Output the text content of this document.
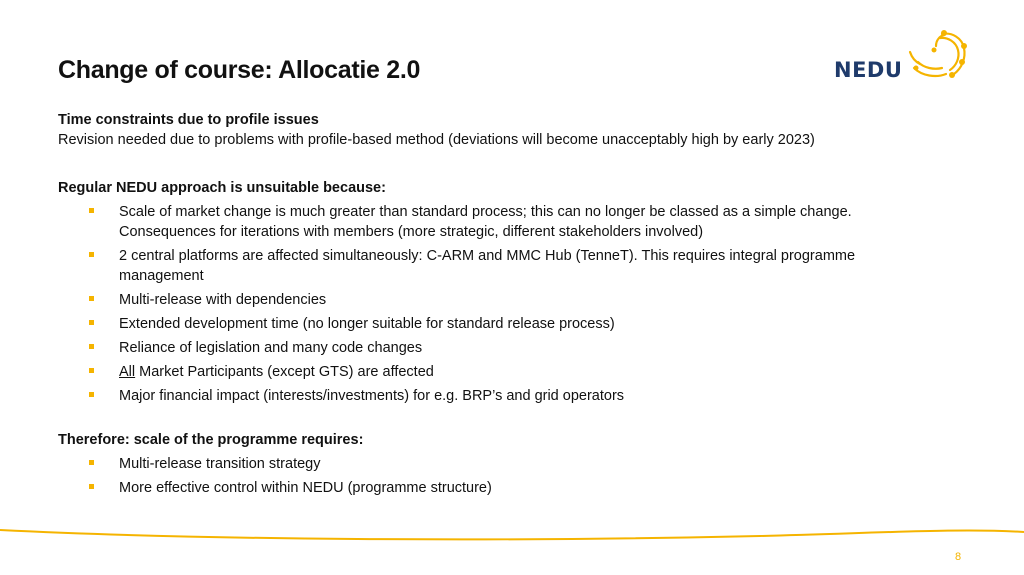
Change of course: Allocatie 2.0	NEDU

Time constraints due to profile issues

Revision needed due to problems with profile-based method (deviations will become unacceptably high by early 2023)

Regular NEDU approach is unsuitable because:

Scale of market change is much greater than standard process; this can no longer be classed as a simple change. Consequences for iterations with members (more strategic, different stakeholders involved)
2 central platforms are affected simultaneously: C-ARM and MMC Hub (TenneT). This requires integral programme management
Multi-release with dependencies
Extended development time (no longer suitable for standard release process)
Reliance of legislation and many code changes
All Market Participants (except GTS) are affected
Major financial impact (interests/investments) for e.g. BRP’s and grid operators

Therefore: scale of the programme requires:

Multi-release transition strategy
More effective control within NEDU (programme structure)
8
